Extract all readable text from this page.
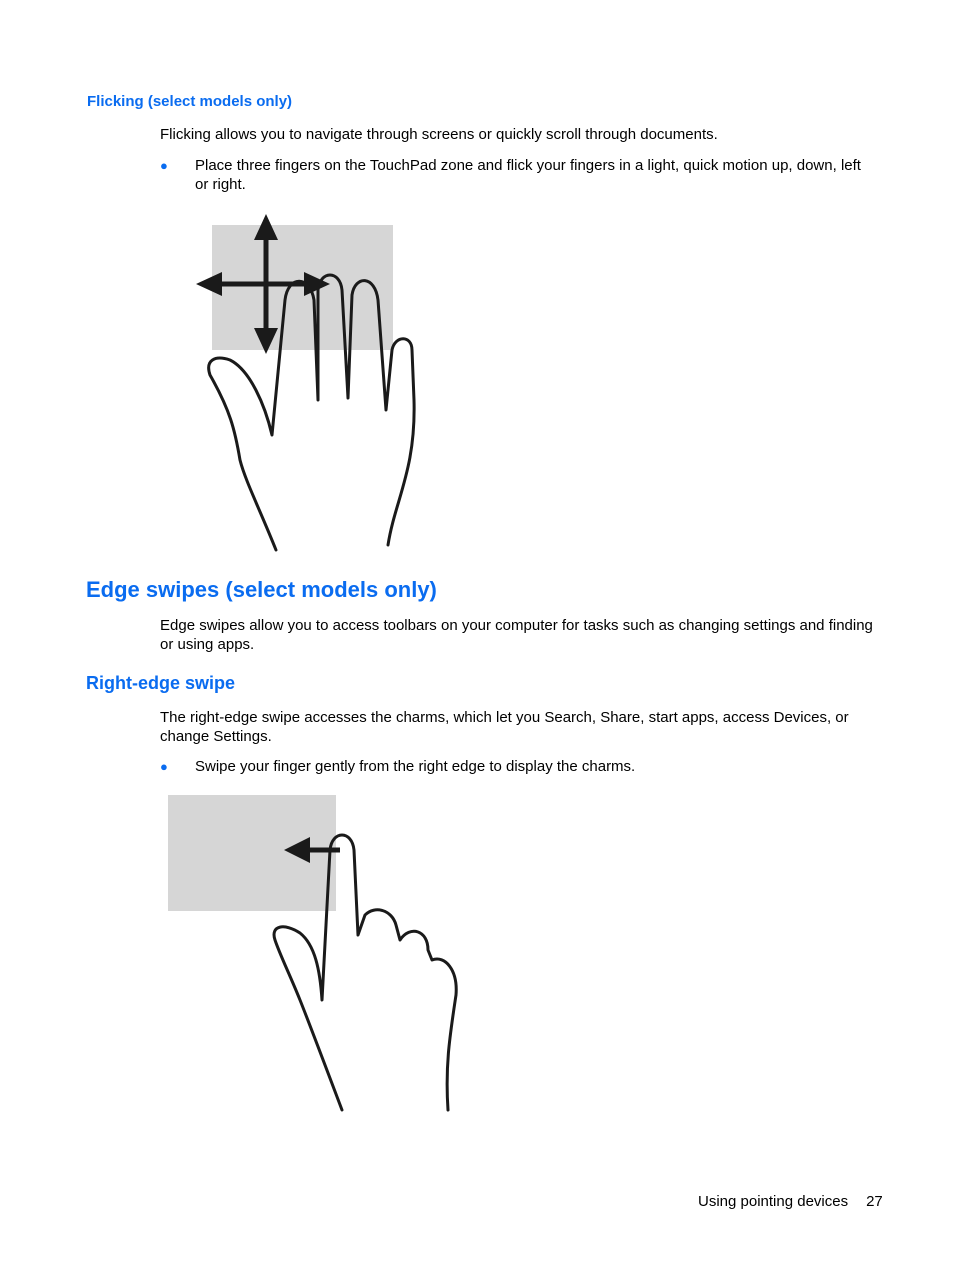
Flicking (select models only)
Flicking allows you to navigate through screens or quickly scroll through documents.
●	Place three fingers on the TouchPad zone and flick your fingers in a light, quick motion up, down, left or right.
Edge swipes (select models only)
Edge swipes allow you to access toolbars on your computer for tasks such as changing settings and finding or using apps.
Right-edge swipe
The right-edge swipe accesses the charms, which let you Search, Share, start apps, access Devices, or change Settings.
●	Swipe your finger gently from the right edge to display the charms.
Using pointing devices 27
